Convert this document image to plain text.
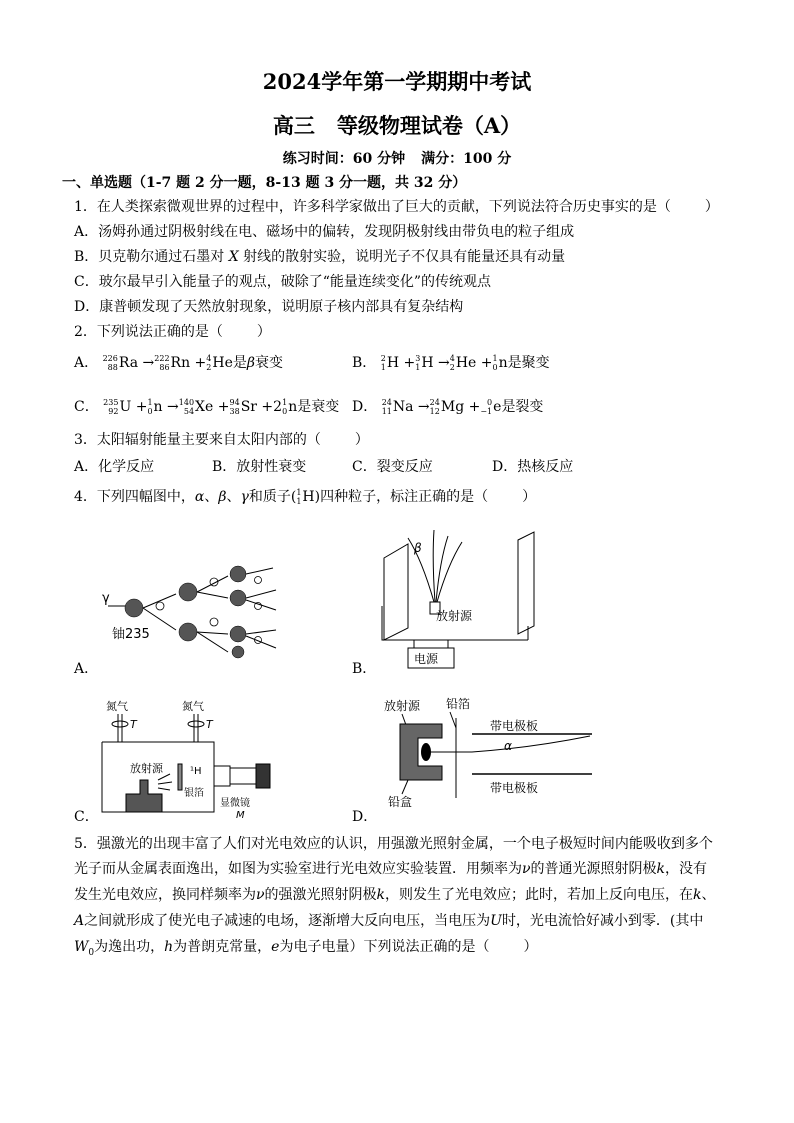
2024学年第一学期期中考试
高三 等级物理试卷（A）
练习时间：60 分钟 满分：100 分
一、单选题（1-7 题 2 分一题，8-13 题 3 分一题，共 32 分）
1．在人类探索微观世界的过程中，许多科学家做出了巨大的贡献，下列说法符合历史事实的是（ ）
A．汤姆孙通过阴极射线在电、磁场中的偏转，发现阴极射线由带负电的粒子组成
B．贝克勒尔通过石墨对 X 射线的散射实验，说明光子不仅具有能量还具有动量
C．玻尔最早引入能量子的观点，破除了“能量连续变化”的传统观点
D．康普顿发现了天然放射现象，说明原子核内部具有复杂结构
2．下列说法正确的是（ ）
A． 226
88 Ra → 222
86 Rn + 4
2 He是β衰变	B． 2
1 H + 3
1 H → 4
2 He + 1
0 n是聚变
C． 235
92 U + 1
0 n → 140
54 Xe + 94
38 Sr +2 1
0 n是衰变 D． 24
11 Na → 24
12 Mg + 0
−1 e是裂变
3．太阳辐射能量主要来自太阳内部的（ ）
A．化学反应	B．放射性衰变	C．裂变反应	D．热核反应
4．下列四幅图中，α、β、γ和质子( 1
1 H)四种粒子，标注正确的是（ ）
γ
铀235
A．
β
放射源
电源
B．
氮气	氮气
T	T
放射源
银箔
¹H
显微镜
M
C．
放射源 铅箔
带电极板
α
带电极板
铅盒
D．
5．强激光的出现丰富了人们对光电效应的认识，用强激光照射金属，一个电子极短时间内能吸收到多个
光子而从金属表面逸出，如图为实验室进行光电效应实验装置．用频率为ν的普通光源照射阴极k，没有
发生光电效应，换同样频率为ν的强激光照射阴极k，则发生了光电效应；此时，若加上反向电压，在k、
A之间就形成了使光电子减速的电场，逐渐增大反向电压，当电压为U时，光电流恰好减小到零．(其中
$W_0$为逸出功，h为普朗克常量，e为电子电量）下列说法正确的是（ ）
